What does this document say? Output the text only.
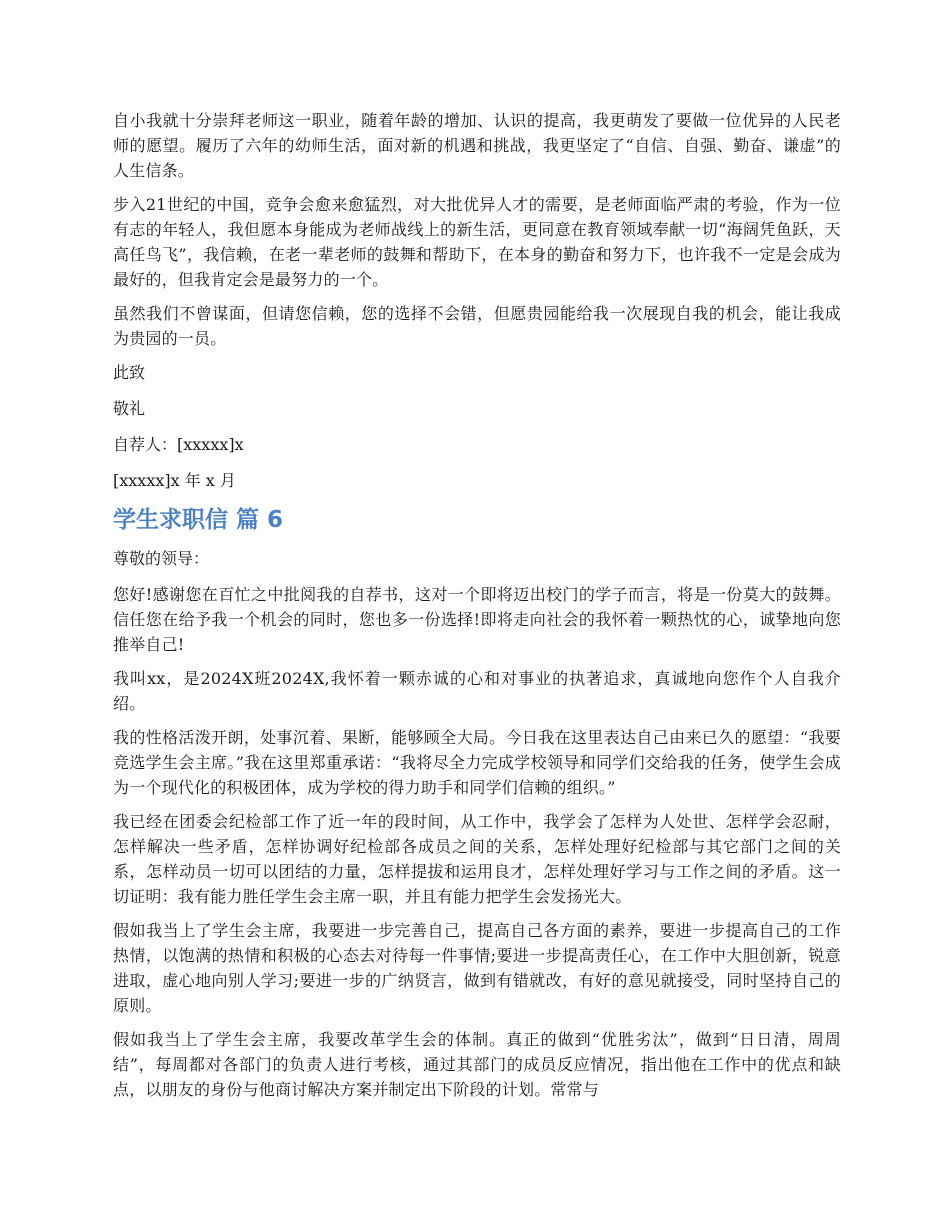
自小我就十分崇拜老师这一职业，随着年龄的增加、认识的提高，我更萌发了要做一位优异的人民老师的愿望。履历了六年的幼师生活，面对新的机遇和挑战，我更坚定了“自信、自强、勤奋、谦虚”的人生信条。

步入21世纪的中国，竞争会愈来愈猛烈，对大批优异人才的需要，是老师面临严肃的考验，作为一位有志的年轻人，我但愿本身能成为老师战线上的新生活，更同意在教育领域奉献一切“海阔凭鱼跃，天高任鸟飞”，我信赖，在老一辈老师的鼓舞和帮助下，在本身的勤奋和努力下，也许我不一定是会成为最好的，但我肯定会是最努力的一个。

虽然我们不曾谋面，但请您信赖，您的选择不会错，但愿贵园能给我一次展现自我的机会，能让我成为贵园的一员。

此致

敬礼

自荐人：[xxxxx]x

[xxxxx]x 年 x 月

学生求职信 篇 6

尊敬的领导：

您好!感谢您在百忙之中批阅我的自荐书，这对一个即将迈出校门的学子而言，将是一份莫大的鼓舞。信任您在给予我一个机会的同时，您也多一份选择!即将走向社会的我怀着一颗热忱的心，诚挚地向您推举自己!

我叫xx，是2024X班2024X,我怀着一颗赤诚的心和对事业的执著追求，真诚地向您作个人自我介绍。

我的性格活泼开朗，处事沉着、果断，能够顾全大局。今日我在这里表达自己由来已久的愿望：“我要竞选学生会主席。”我在这里郑重承诺：“我将尽全力完成学校领导和同学们交给我的任务，使学生会成为一个现代化的积极团体，成为学校的得力助手和同学们信赖的组织。”

我已经在团委会纪检部工作了近一年的段时间，从工作中，我学会了怎样为人处世、怎样学会忍耐，怎样解决一些矛盾，怎样协调好纪检部各成员之间的关系，怎样处理好纪检部与其它部门之间的关系，怎样动员一切可以团结的力量，怎样提拔和运用良才，怎样处理好学习与工作之间的矛盾。这一切证明：我有能力胜任学生会主席一职，并且有能力把学生会发扬光大。

假如我当上了学生会主席，我要进一步完善自己，提高自己各方面的素养，要进一步提高自己的工作热情，以饱满的热情和积极的心态去对待每一件事情;要进一步提高责任心，在工作中大胆创新，锐意进取，虚心地向别人学习;要进一步的广纳贤言，做到有错就改，有好的意见就接受，同时坚持自己的原则。

假如我当上了学生会主席，我要改革学生会的体制。真正的做到“优胜劣汰”，做到“日日清，周周结”，每周都对各部门的负责人进行考核，通过其部门的成员反应情况，指出他在工作中的优点和缺点，以朋友的身份与他商讨解决方案并制定出下阶段的计划。常常与
